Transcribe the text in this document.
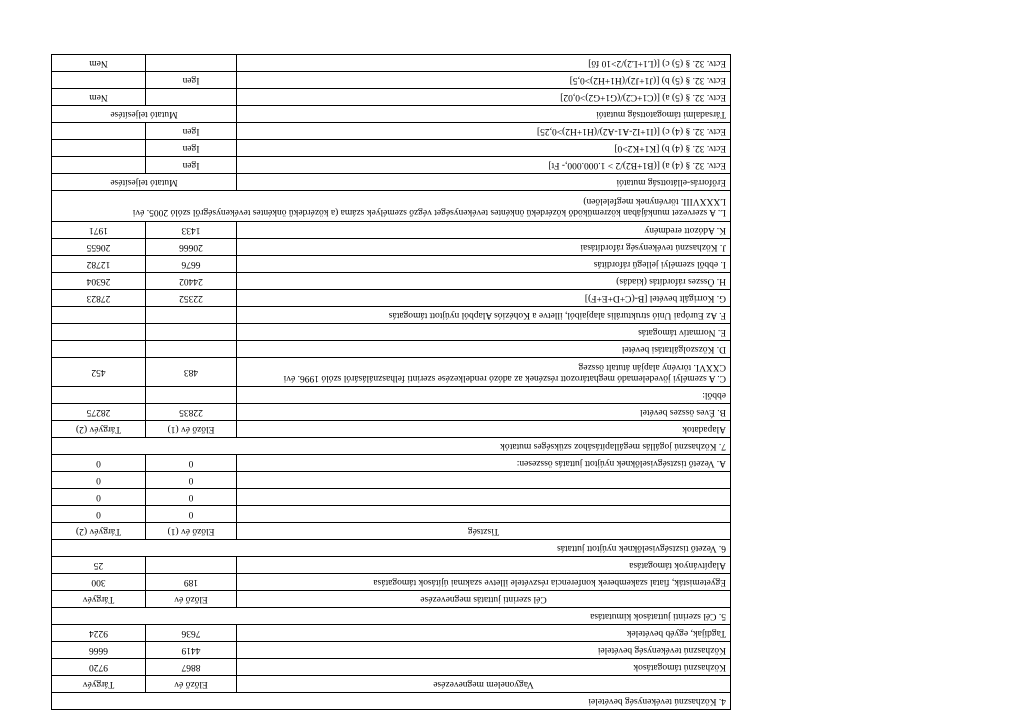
4. Közhasznú tevékenység bevételei		
Vagyonelem megnevezése	Előző év	Tárgyév
Közhasznú támogatások	8867	9720
Közhasznú tevékenység bevételei	4419	6666
Tagdíjak, egyéb bevételek	7636	9224
5. Cél szerinti juttatások kimutatása		
Cél szerinti juttatás megnevezése	Előző év	Tárgyév
Egyetemisták, fiatal szakemberek konferencia részvétele illetve szakmai újítások támogatása	189	300
Alapítványok támogatása		25
6. Vezető tisztségviselőknek nyújtott juttatás		
Tisztség	Előző év (1)	Tárgyév (2)
	0	0
	0	0
	0	0
A. Vezető tisztségviselőknek nyújtott juttatás összesen:	0	0
7. Közhasznú jogállás megállapításához szükséges mutatók		
Alapadatok	Előző év (1)	Tárgyév (2)
B. Éves összes bevétel	22835	28275
ebből:		

C. A személyi jövedelemadó meghatározott részének az adózó rendelkezése szerinti felhasználásáról szóló 1996. évi
CXXVI. törvény alapján átutalt összeg	483	452
D. Közszolgáltatási bevétel		
E. Normatív támogatás		
F. Az Európai Unió strukturális alapjaiból, illetve a Kohéziós Alapból nyújtott támogatás		
G. Korrigált bevétel [B-(C+D+E+F)]	22352	27823
H. Összes ráfordítás (kiadás)	24402	26304
I. ebből személyi jellegű ráfordítás	6676	12782
J. Közhasznú tevékenység ráfordításai	20666	20655
K. Adózott eredmény	1433	1971

L. A szervezet munkájában közreműködő közérdekű önkéntes tevékenységet végző személyek száma (a közérdekű önkéntes tevékenységről szóló 2005. évi
LXXXVIII. törvénynek megfelelően)		

Erőforrás-ellátottság mutatói	Mutató teljesítése	
Ectv. 32. § (4) a) [(B1+B2)/2 > 1.000.000,- Ft]	Igen	
Ectv. 32. § (4) b) [K1+K2>0]	Igen	
Ectv. 32. § (4) c) [(I1+I2-A1-A2)/(H1+H2)>0,25]	Igen	
Társadalmi támogatottság mutatói	Mutató teljesítése	
Ectv. 32. § (5) a) [(C1+C2)/(G1+G2)>0,02]		Nem
Ectv. 32. § (5) b) [(J1+J2)/(H1+H2)>0,5]	Igen	
Ectv. 32. § (5) c) [(L1+L2)/2>10 fő]		Nem
